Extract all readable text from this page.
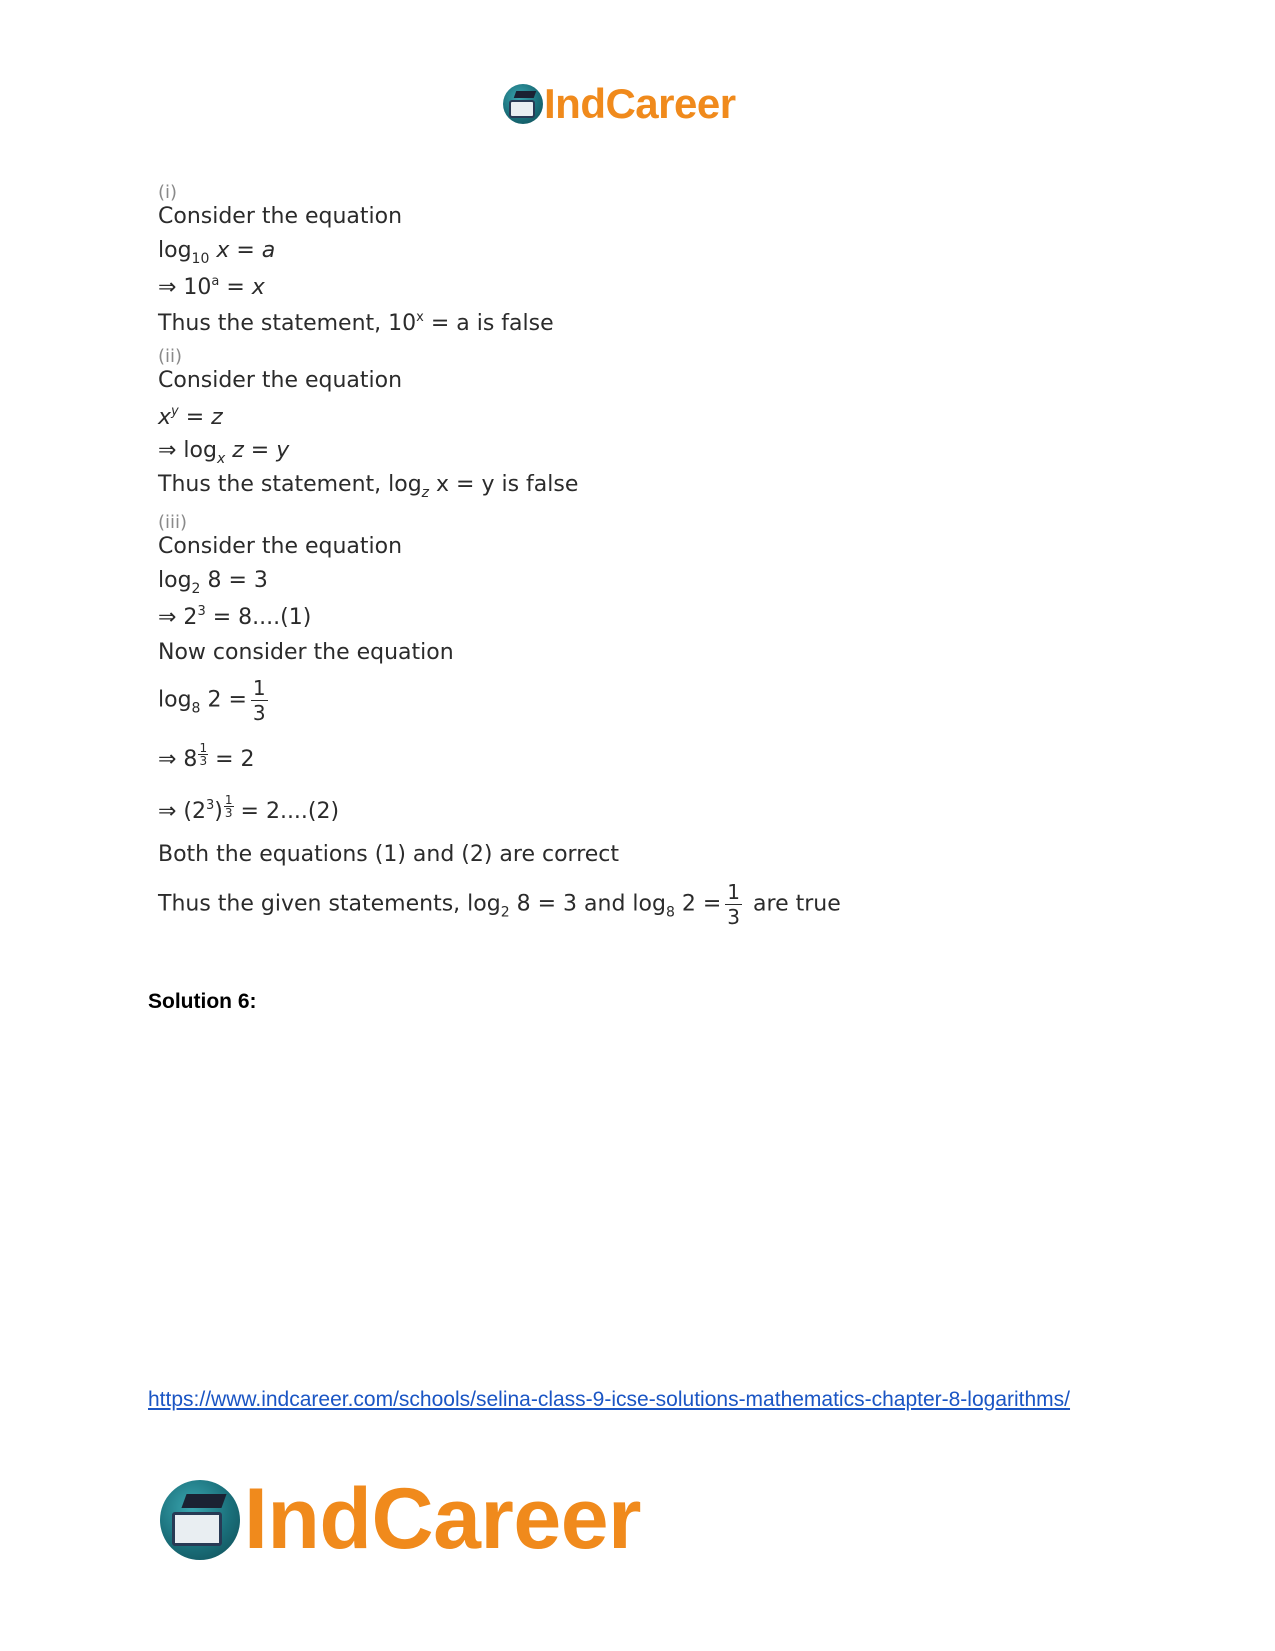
IndCareer
(i)
Consider the equation
$\log_{10} x = a$
⇒ $10^a = x$
Thus the statement, $10^x = a$ is false
(ii)
Consider the equation
$x^y = z$
⇒ $\log_x z = y$
Thus the statement, $\log_z x = y$ is false
(iii)
Consider the equation
$\log_2 8 = 3$
⇒ $2^3 = 8....(1)$
Now consider the equation
$\log_8 2 = \frac{1}{3}$
⇒ $8 \frac{1}{3} = 2$
⇒ $(2^3) \frac{1}{3} = 2....(2)$
Both the equations (1) and (2) are correct
Thus the given statements, $\log_2 8 = 3$ and $\log_8 2 = \frac{1}{3}$ are true
Solution 6:
https://www.indcareer.com/schools/selina-class-9-icse-solutions-mathematics-chapter-8-logarithms/
IndCareer
